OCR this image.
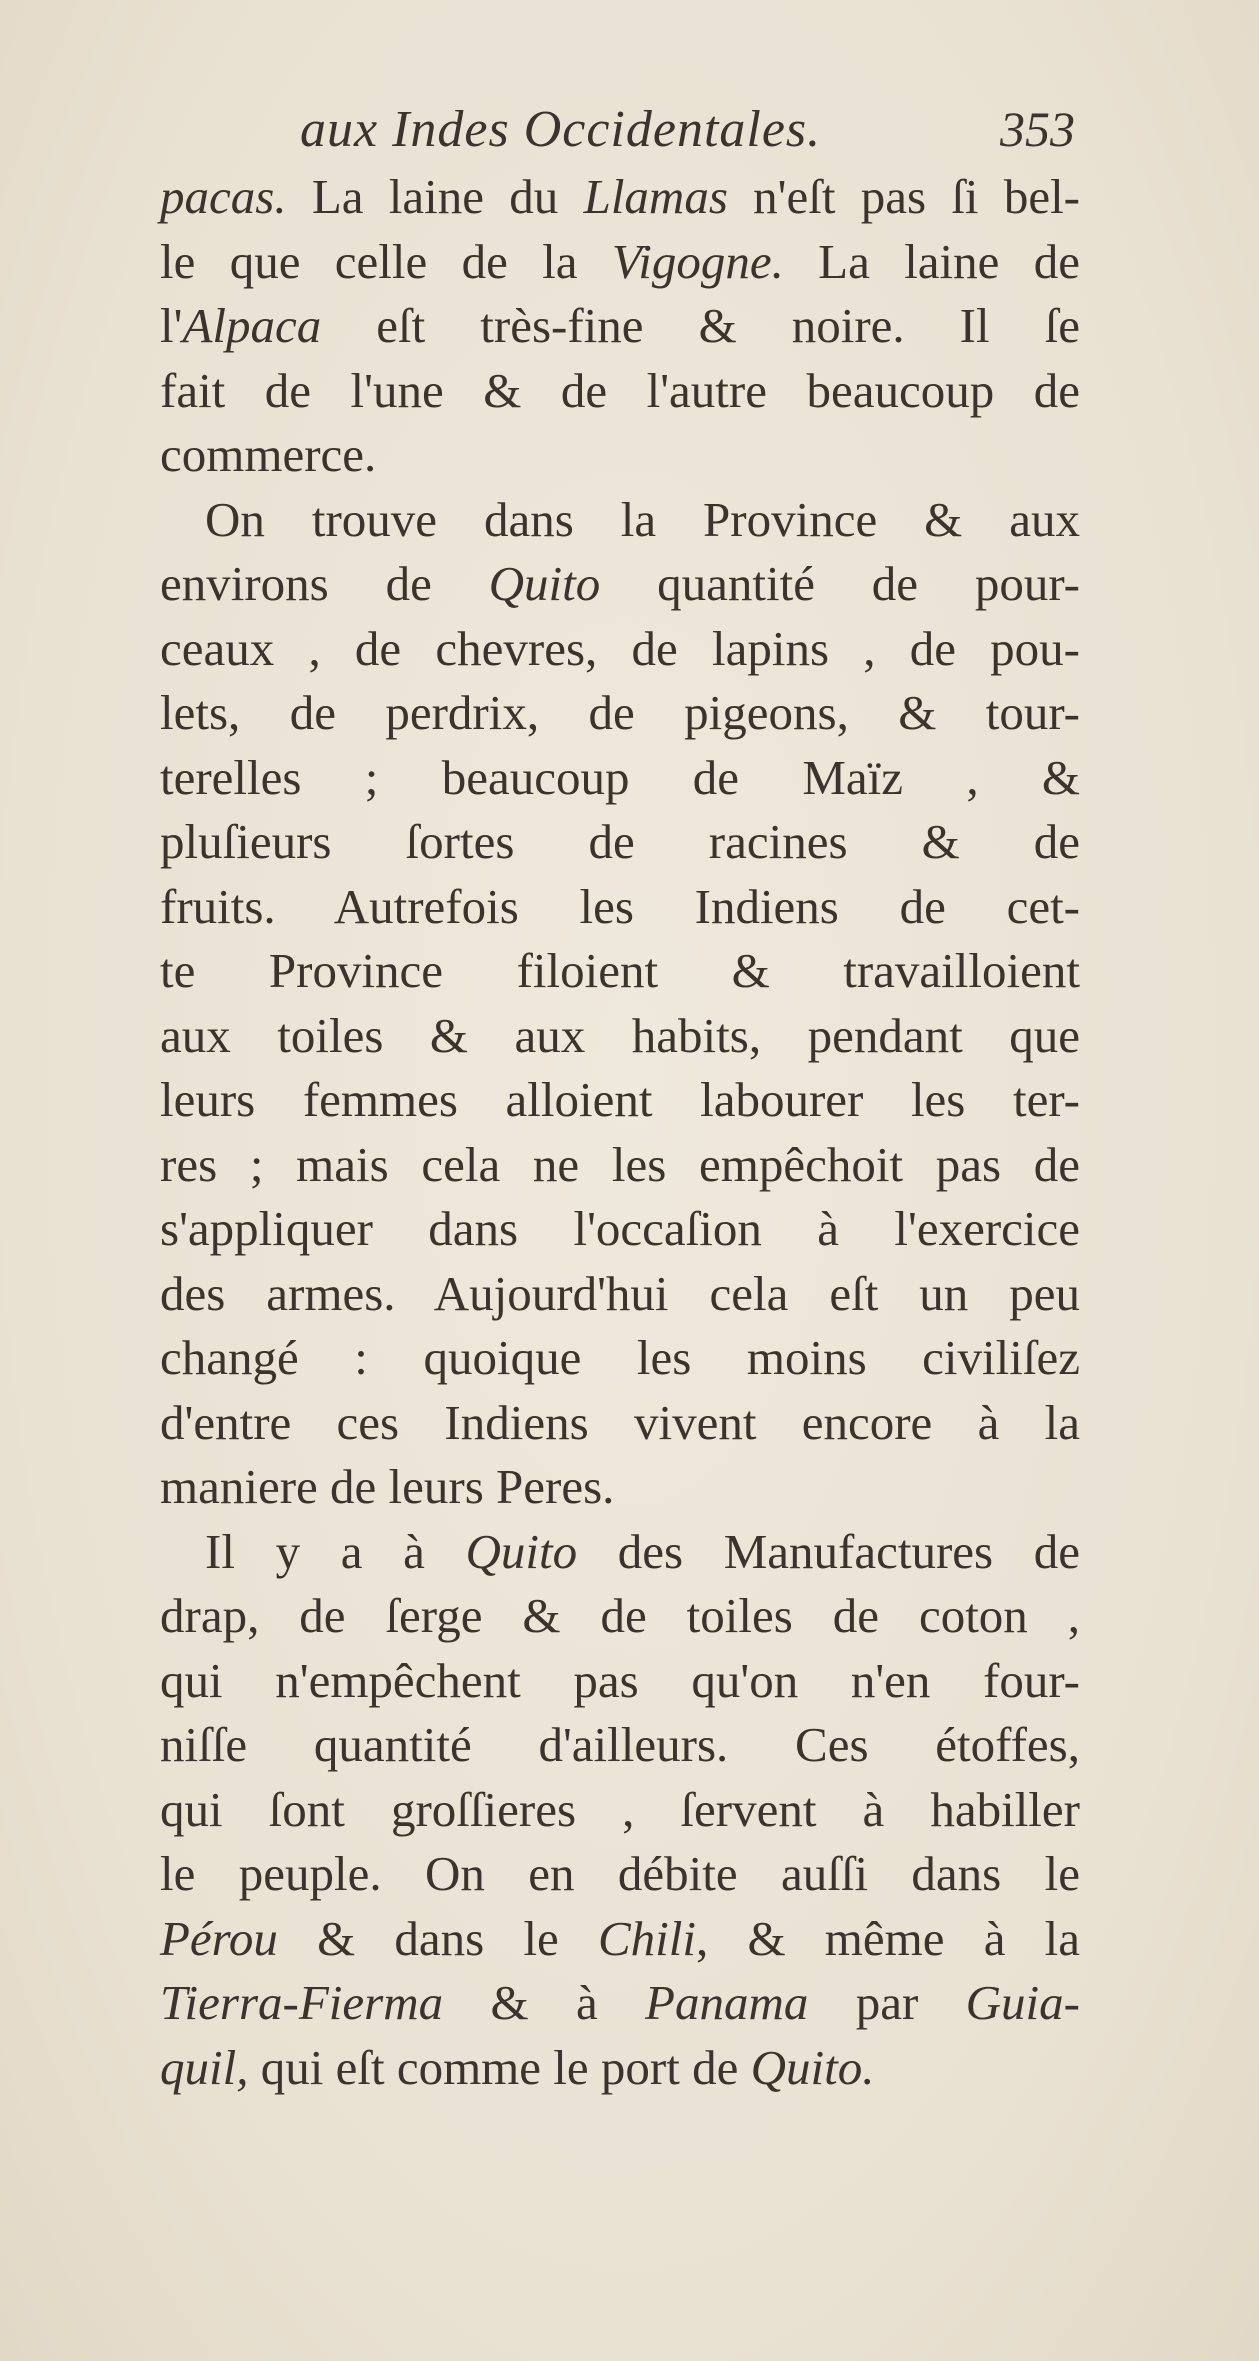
aux Indes Occidentales.	353
pacas. La laine du Llamas n'eſt pas ſi bel-
le que celle de la Vigogne. La laine de
l'Alpaca eſt très-fine & noire. Il ſe
fait de l'une & de l'autre beaucoup de
commerce.
On trouve dans la Province & aux
environs de Quito quantité de pour-
ceaux , de chevres, de lapins , de pou-
lets, de perdrix, de pigeons, & tour-
terelles ; beaucoup de Maïz , &
pluſieurs ſortes de racines & de
fruits. Autrefois les Indiens de cet-
te Province filoient & travailloient
aux toiles & aux habits, pendant que
leurs femmes alloient labourer les ter-
res ; mais cela ne les empêchoit pas de
s'appliquer dans l'occaſion à l'exercice
des armes. Aujourd'hui cela eſt un peu
changé : quoique les moins civiliſez
d'entre ces Indiens vivent encore à la
maniere de leurs Peres.
Il y a à Quito des Manufactures de
drap, de ſerge & de toiles de coton ,
qui n'empêchent pas qu'on n'en four-
niſſe quantité d'ailleurs. Ces étoffes,
qui ſont groſſieres , ſervent à habiller
le peuple. On en débite auſſi dans le
Pérou & dans le Chili, & même à la
Tierra-Fierma & à Panama par Guia-
quil, qui eſt comme le port de Quito.
